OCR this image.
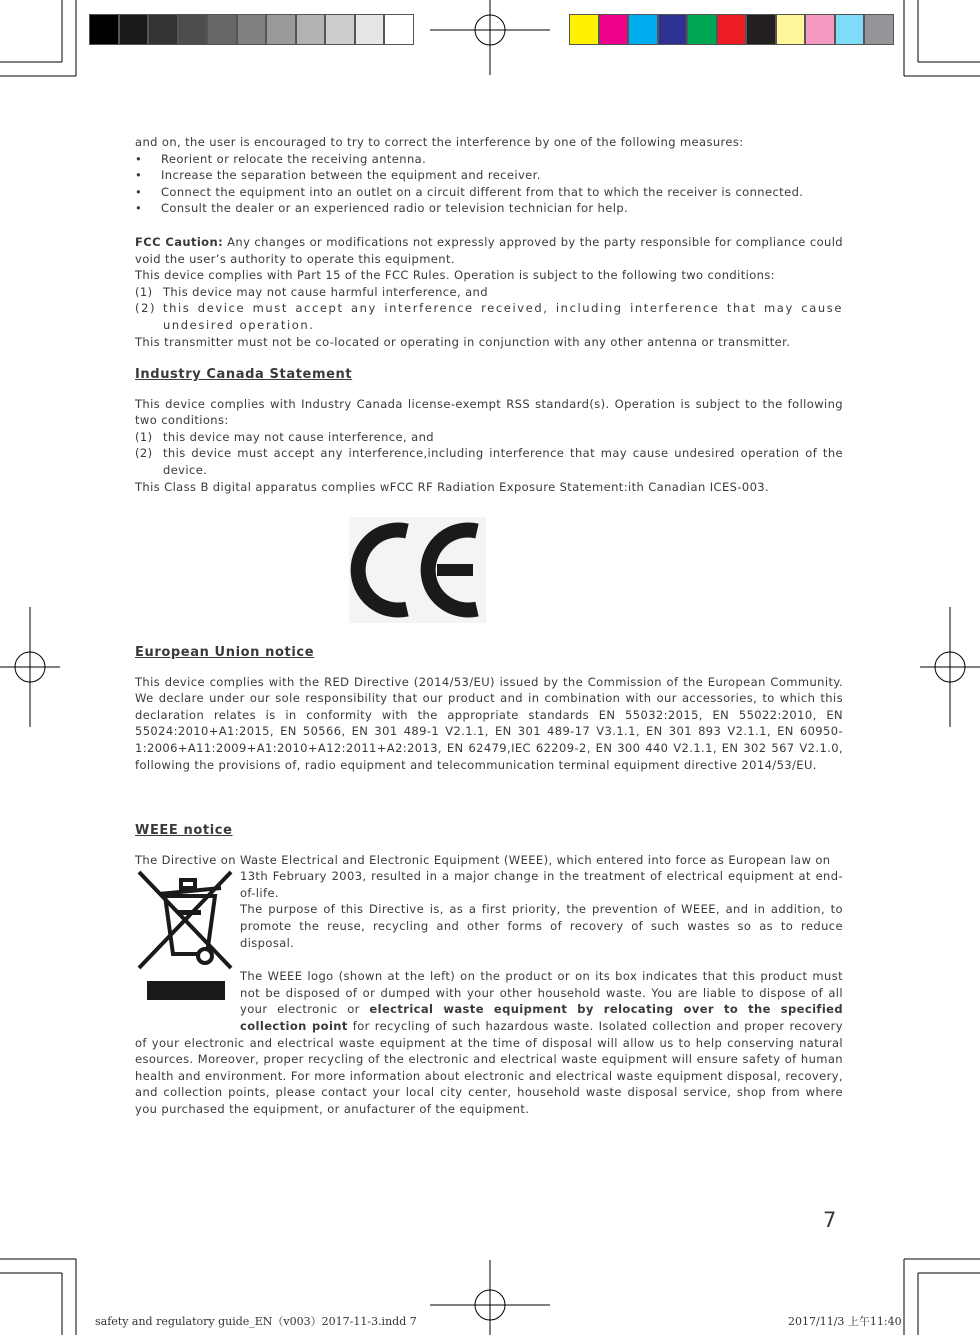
and on, the user is encouraged to try to correct the interference by one of the following measures:

• Reorient or relocate the receiving antenna.

• Increase the separation between the equipment and receiver.

• Connect the equipment into an outlet on a circuit different from that to which the receiver is connected.

• Consult the dealer or an experienced radio or television technician for help.

FCC Caution: Any changes or modifications not expressly approved by the party responsible for compliance could void the user’s authority to operate this equipment.

This device complies with Part 15 of the FCC Rules. Operation is subject to the following two conditions:

(1) This device may not cause harmful interference, and

(2) this device must accept any interference received, including interference that may cause undesired operation.

This transmitter must not be co-located or operating in conjunction with any other antenna or transmitter.

Industry Canada Statement

This device complies with Industry Canada license-exempt RSS standard(s). Operation is subject to the following two conditions:

(1) this device may not cause interference, and

(2) this device must accept any interference,including interference that may cause undesired operation of the device.

This Class B digital apparatus complies wFCC RF Radiation Exposure Statement:ith Canadian ICES-003.

European Union notice

This device complies with the RED Directive (2014/53/EU) issued by the Commission of the European Community. We declare under our sole responsibility that our product and in combination with our accessories, to which this declaration relates is in conformity with the appropriate standards EN 55032:2015, EN 55022:2010, EN 55024:2010+A1:2015, EN 50566, EN 301 489-1 V2.1.1, EN 301 489-17 V3.1.1, EN 301 893 V2.1.1, EN 60950-1:2006+A11:2009+A1:2010+A12:2011+A2:2013, EN 62479,IEC 62209-2, EN 300 440 V2.1.1, EN 302 567 V2.1.0, following the provisions of, radio equipment and telecommunication terminal equipment directive 2014/53/EU.

WEEE notice

The Directive on Waste Electrical and Electronic Equipment (WEEE), which entered into force as European law on

13th February 2003, resulted in a major change in the treatment of electrical equipment at end-of-life.

The purpose of this Directive is, as a first priority, the prevention of WEEE, and in addition, to promote the reuse, recycling and other forms of recovery of such wastes so as to reduce disposal.

The WEEE logo (shown at the left) on the product or on its box indicates that this product must not be disposed of or dumped with your other household waste. You are liable to dispose of all your electronic or electrical waste equipment by relocating over to the specified collection point for recycling of such hazardous waste. Isolated collection and proper recovery of your electronic and electrical waste equipment at the time of disposal will allow us to help conserving natural esources. Moreover, proper recycling of the electronic and electrical waste equipment will ensure safety of human health and environment. For more information about electronic and electrical waste equipment disposal, recovery, and collection points, please contact your local city center, household waste disposal service, shop from where you purchased the equipment, or anufacturer of the equipment.

7
safety and regulatory guide_EN（v003）2017-11-3.indd 7	2017/11/3 上午11:40
